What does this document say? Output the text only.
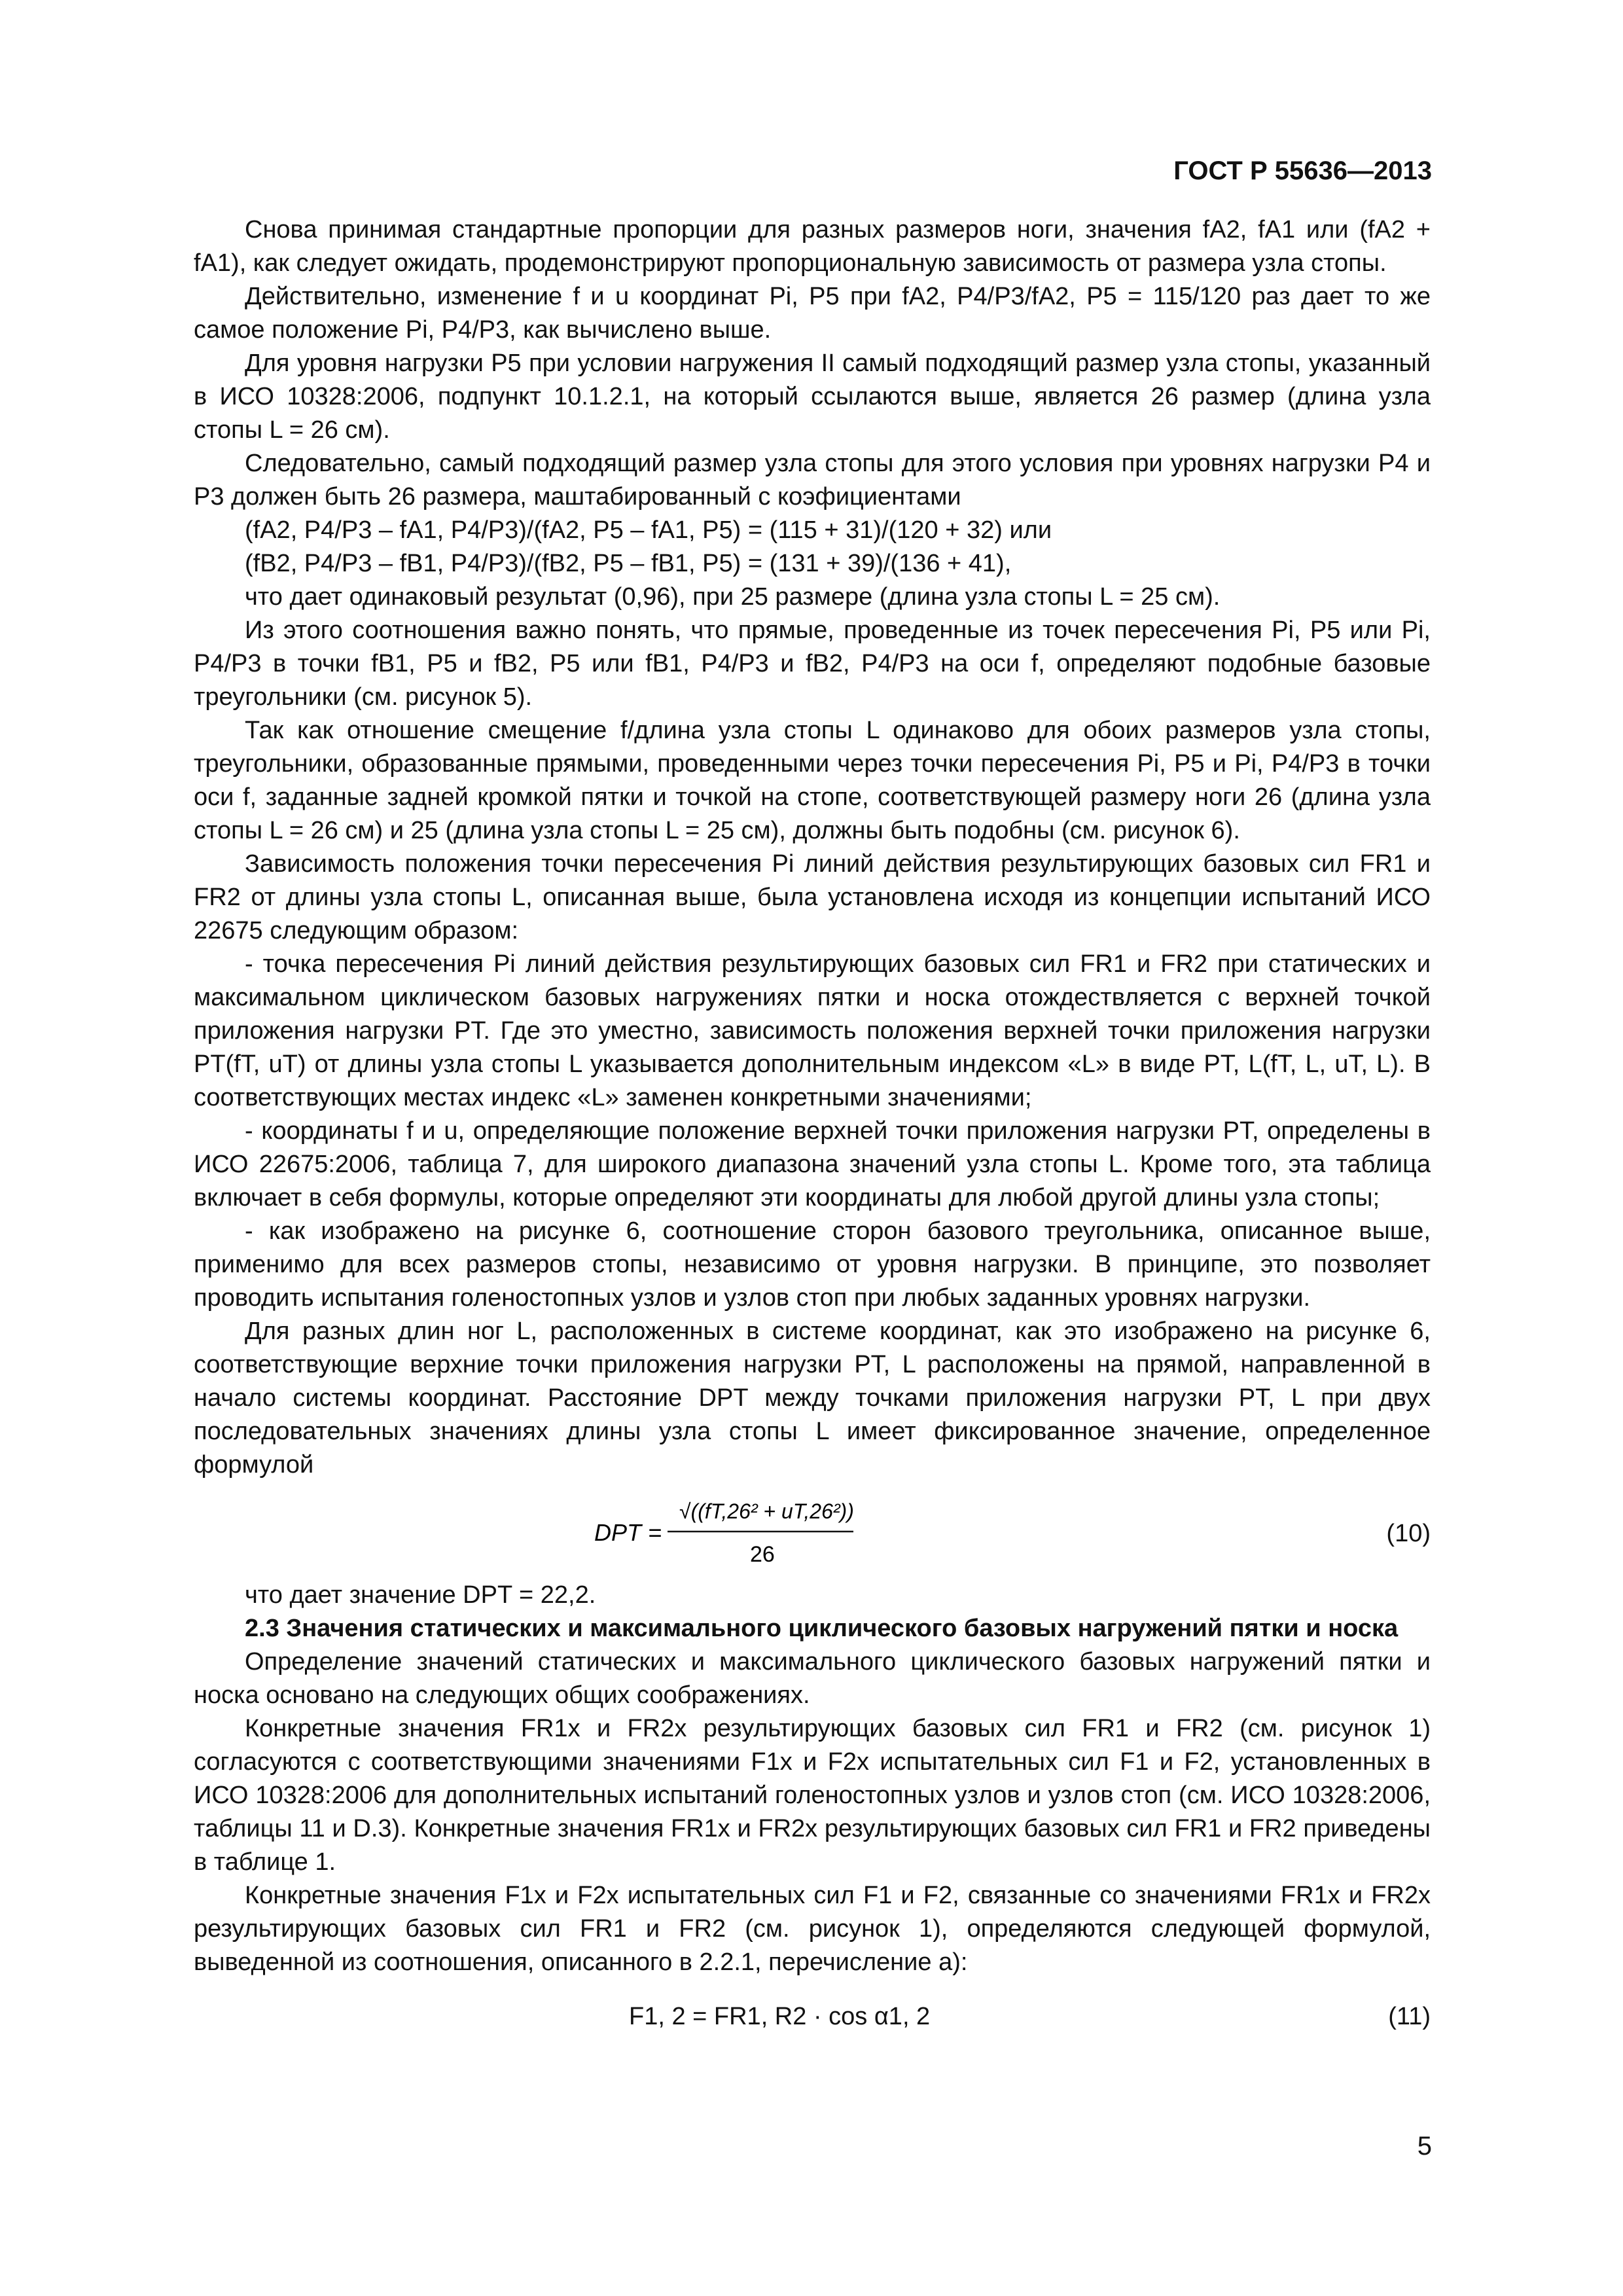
ГОСТ Р 55636—2013

Снова принимая стандартные пропорции для разных размеров ноги, значения fA2, fA1 или (fA2 + fA1), как следует ожидать, продемонстрируют пропорциональную зависимость от размера узла стопы.

Действительно, изменение f и u координат Pi, P5 при fA2, P4/P3/fA2, P5 = 115/120 раз дает то же самое положение Pi, P4/P3, как вычислено выше.

Для уровня нагрузки P5 при условии нагружения II самый подходящий размер узла стопы, указанный в ИСО 10328:2006, подпункт 10.1.2.1, на который ссылаются выше, является 26 размер (длина узла стопы L = 26 см).

Следовательно, самый подходящий размер узла стопы для этого условия при уровнях нагрузки P4 и P3 должен быть 26 размера, маштабированный с коэфициентами

(fA2, P4/P3 – fA1, P4/P3)/(fA2, P5 – fA1, P5) = (115 + 31)/(120 + 32) или

(fB2, P4/P3 – fB1, P4/P3)/(fB2, P5 – fB1, P5) = (131 + 39)/(136 + 41),

что дает одинаковый результат (0,96), при 25 размере (длина узла стопы L = 25 см).

Из этого соотношения важно понять, что прямые, проведенные из точек пересечения Pi, P5 или Pi, P4/P3 в точки fB1, P5 и fB2, P5 или fB1, P4/P3 и fB2, P4/P3 на оси f, определяют подобные базовые треугольники (см. рисунок 5).

Так как отношение смещение f/длина узла стопы L одинаково для обоих размеров узла стопы, треугольники, образованные прямыми, проведенными через точки пересечения Pi, P5 и Pi, P4/P3 в точки оси f, заданные задней кромкой пятки и точкой на стопе, соответствующей размеру ноги 26 (длина узла стопы L = 26 см) и 25 (длина узла стопы L = 25 см), должны быть подобны (см. рисунок 6).

Зависимость положения точки пересечения Pi линий действия результирующих базовых сил FR1 и FR2 от длины узла стопы L, описанная выше, была установлена исходя из концепции испытаний ИСО 22675 следующим образом:

- точка пересечения Pi линий действия результирующих базовых сил FR1 и FR2 при статических и максимальном циклическом базовых нагружениях пятки и носка отождествляется с верхней точкой приложения нагрузки PT. Где это уместно, зависимость положения верхней точки приложения нагрузки PT(fT, uT) от длины узла стопы L указывается дополнительным индексом «L» в виде PT, L(fT, L, uT, L). В соответствующих местах индекс «L» заменен конкретными значениями;

- координаты f и u, определяющие положение верхней точки приложения нагрузки PT, определены в ИСО 22675:2006, таблица 7, для широкого диапазона значений узла стопы L. Кроме того, эта таблица включает в себя формулы, которые определяют эти координаты для любой другой длины узла стопы;

- как изображено на рисунке 6, соотношение сторон базового треугольника, описанное выше, применимо для всех размеров стопы, независимо от уровня нагрузки. В принципе, это позволяет проводить испытания голеностопных узлов и узлов стоп при любых заданных уровнях нагрузки.

Для разных длин ног L, расположенных в системе координат, как это изображено на рисунке 6, соответствующие верхние точки приложения нагрузки PT, L расположены на прямой, направленной в начало системы координат. Расстояние DPT между точками приложения нагрузки PT, L при двух последовательных значениях длины узла стопы L имеет фиксированное значение, определенное формулой

DPT =
√((fT,26² + uT,26²))
26
(10)

что дает значение DPT = 22,2.

2.3 Значения статических и максимального циклического базовых нагружений пятки и носка

Определение значений статических и максимального циклического базовых нагружений пятки и носка основано на следующих общих соображениях.

Конкретные значения FR1x и FR2x результирующих базовых сил FR1 и FR2 (см. рисунок 1) согласуются с соответствующими значениями F1x и F2x испытательных сил F1 и F2, установленных в ИСО 10328:2006 для дополнительных испытаний голеностопных узлов и узлов стоп (см. ИСО 10328:2006, таблицы 11 и D.3). Конкретные значения FR1x и FR2x результирующих базовых сил FR1 и FR2 приведены в таблице 1.

Конкретные значения F1x и F2x испытательных сил F1 и F2, связанные со значениями FR1x и FR2x результирующих базовых сил FR1 и FR2 (см. рисунок 1), определяются следующей формулой, выведенной из соотношения, описанного в 2.2.1, перечисление а):

F1, 2 = FR1, R2 · cos α1, 2	(11)
5
